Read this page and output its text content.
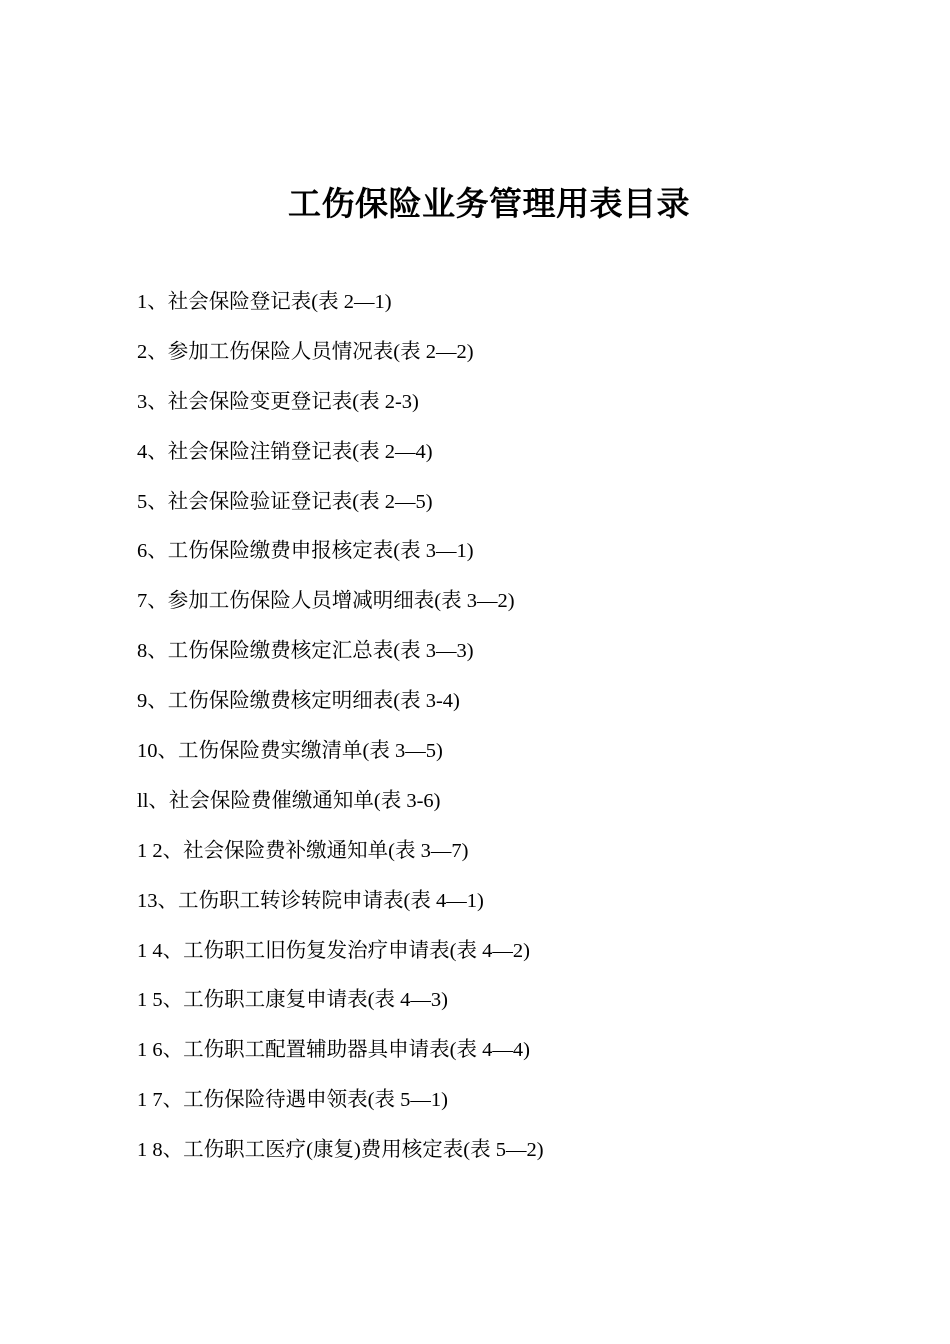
工伤保险业务管理用表目录
1、社会保险登记表(表 2—1)
2、参加工伤保险人员情况表(表 2—2)
3、社会保险变更登记表(表 2-3)
4、社会保险注销登记表(表 2—4)
5、社会保险验证登记表(表 2—5)
6、工伤保险缴费申报核定表(表 3—1)
7、参加工伤保险人员增减明细表(表 3—2)
8、工伤保险缴费核定汇总表(表 3—3)
9、工伤保险缴费核定明细表(表 3-4)
10、工伤保险费实缴清单(表 3—5)
ll、社会保险费催缴通知单(表 3-6)
1 2、社会保险费补缴通知单(表 3—7)
13、工伤职工转诊转院申请表(表 4—1)
1 4、工伤职工旧伤复发治疗申请表(表 4—2)
1 5、工伤职工康复申请表(表 4—3)
1 6、工伤职工配置辅助器具申请表(表 4—4)
1 7、工伤保险待遇申领表(表 5—1)
1 8、工伤职工医疗(康复)费用核定表(表 5—2)
